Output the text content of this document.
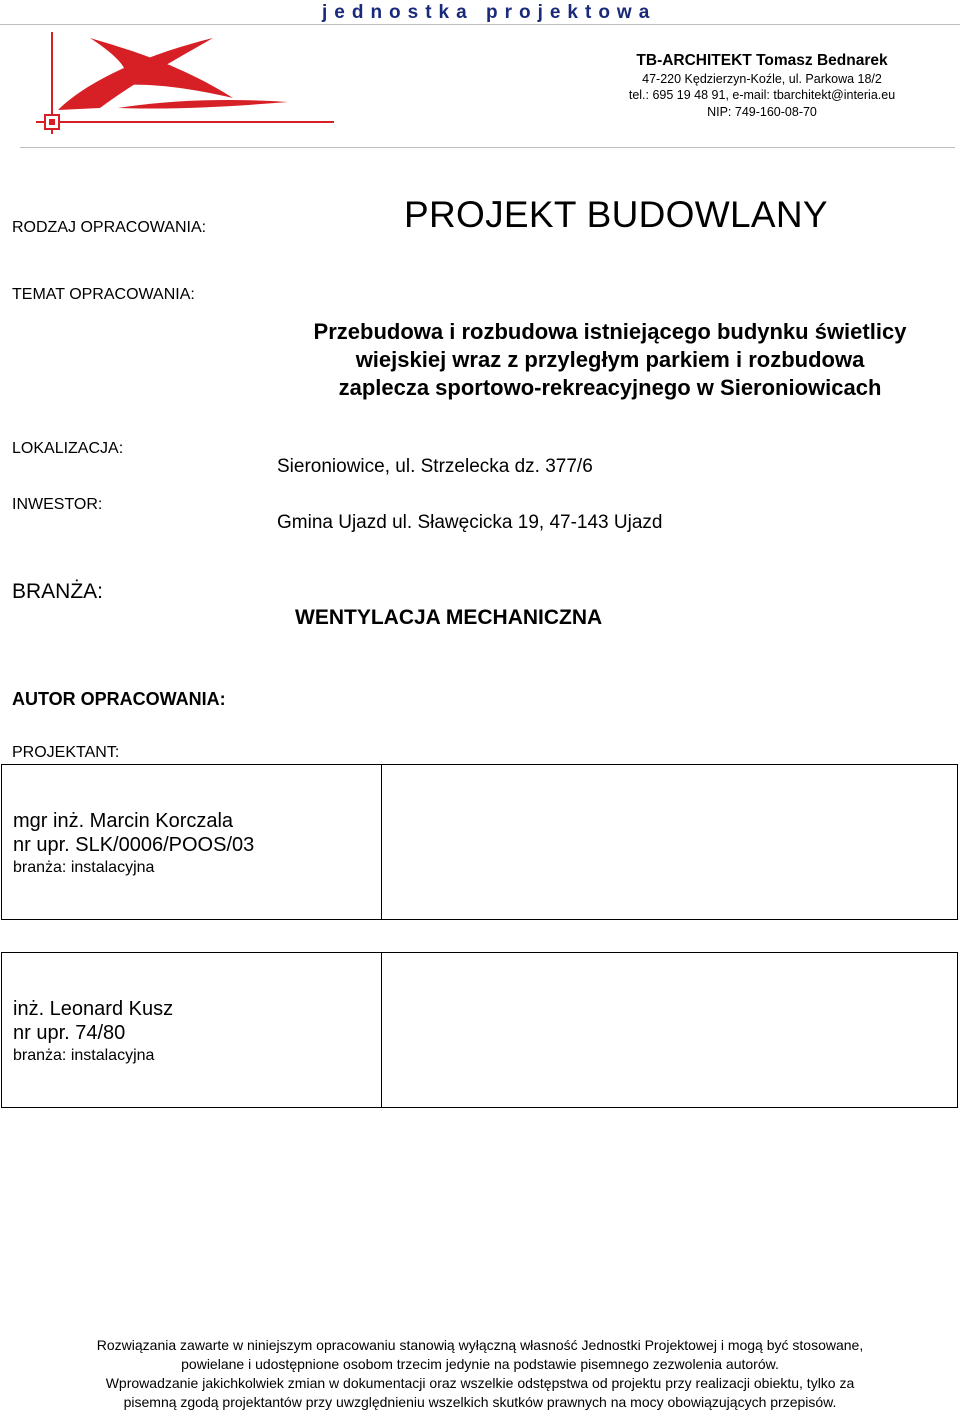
jednostka projektowa
TB-ARCHITEKT Tomasz Bednarek
47-220 Kędzierzyn-Koźle, ul. Parkowa 18/2
tel.: 695 19 48 91, e-mail: tbarchitekt@interia.eu
NIP: 749-160-08-70
RODZAJ OPRACOWANIA:	PROJEKT BUDOWLANY
TEMAT OPRACOWANIA:
Przebudowa i rozbudowa istniejącego budynku świetlicy
wiejskiej wraz z przyległym parkiem i rozbudowa
zaplecza sportowo-rekreacyjnego w Sieroniowicach
LOKALIZACJA:
Sieroniowice, ul. Strzelecka dz. 377/6
INWESTOR:
Gmina Ujazd ul. Sławęcicka 19, 47-143 Ujazd
BRANŻA:
WENTYLACJA MECHANICZNA
AUTOR OPRACOWANIA:
PROJEKTANT:
mgr inż. Marcin Korczala
nr upr. SLK/0006/POOS/03
branża: instalacyjna
inż. Leonard Kusz
nr upr. 74/80
branża: instalacyjna
Rozwiązania zawarte w niniejszym opracowaniu stanowią wyłączną własność Jednostki Projektowej i mogą być stosowane,
powielane i udostępnione osobom trzecim jedynie na podstawie pisemnego zezwolenia autorów.
Wprowadzanie jakichkolwiek zmian w dokumentacji oraz wszelkie odstępstwa od projektu przy realizacji obiektu, tylko za
pisemną zgodą projektantów przy uwzględnieniu wszelkich skutków prawnych na mocy obowiązujących przepisów.
